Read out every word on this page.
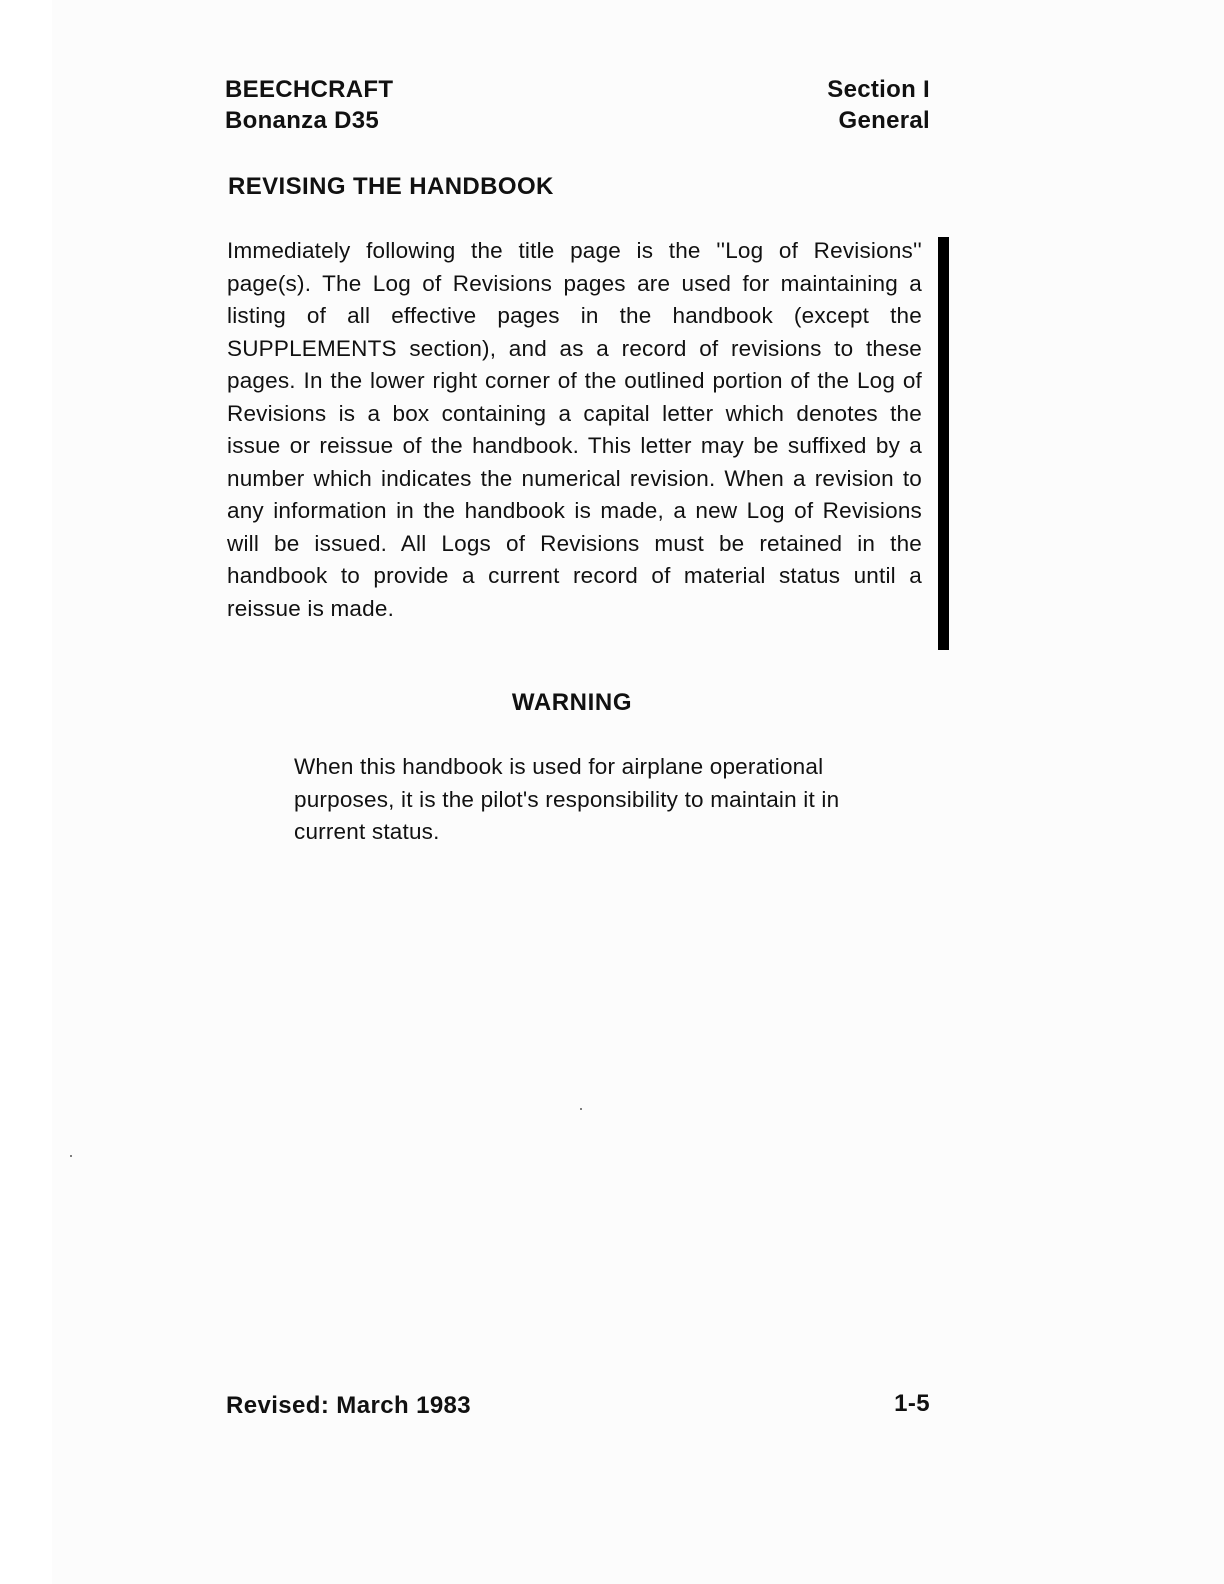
BEECHCRAFT
Bonanza D35
Section I
General
REVISING THE HANDBOOK

Immediately following the title page is the ''Log of Revisions'' page(s). The Log of Revisions pages are used for maintaining a listing of all effective pages in the handbook (except the SUPPLEMENTS section), and as a record of revisions to these pages. In the lower right corner of the outlined portion of the Log of Revisions is a box containing a capital letter which denotes the issue or reissue of the handbook. This letter may be suffixed by a number which indicates the numerical revision. When a revision to any information in the handbook is made, a new Log of Revisions will be issued. All Logs of Revisions must be retained in the handbook to provide a current record of material status until a reissue is made.

WARNING

When this handbook is used for airplane operational purposes, it is the pilot's responsibility to maintain it in current status.

Revised: March 1983	1-5
